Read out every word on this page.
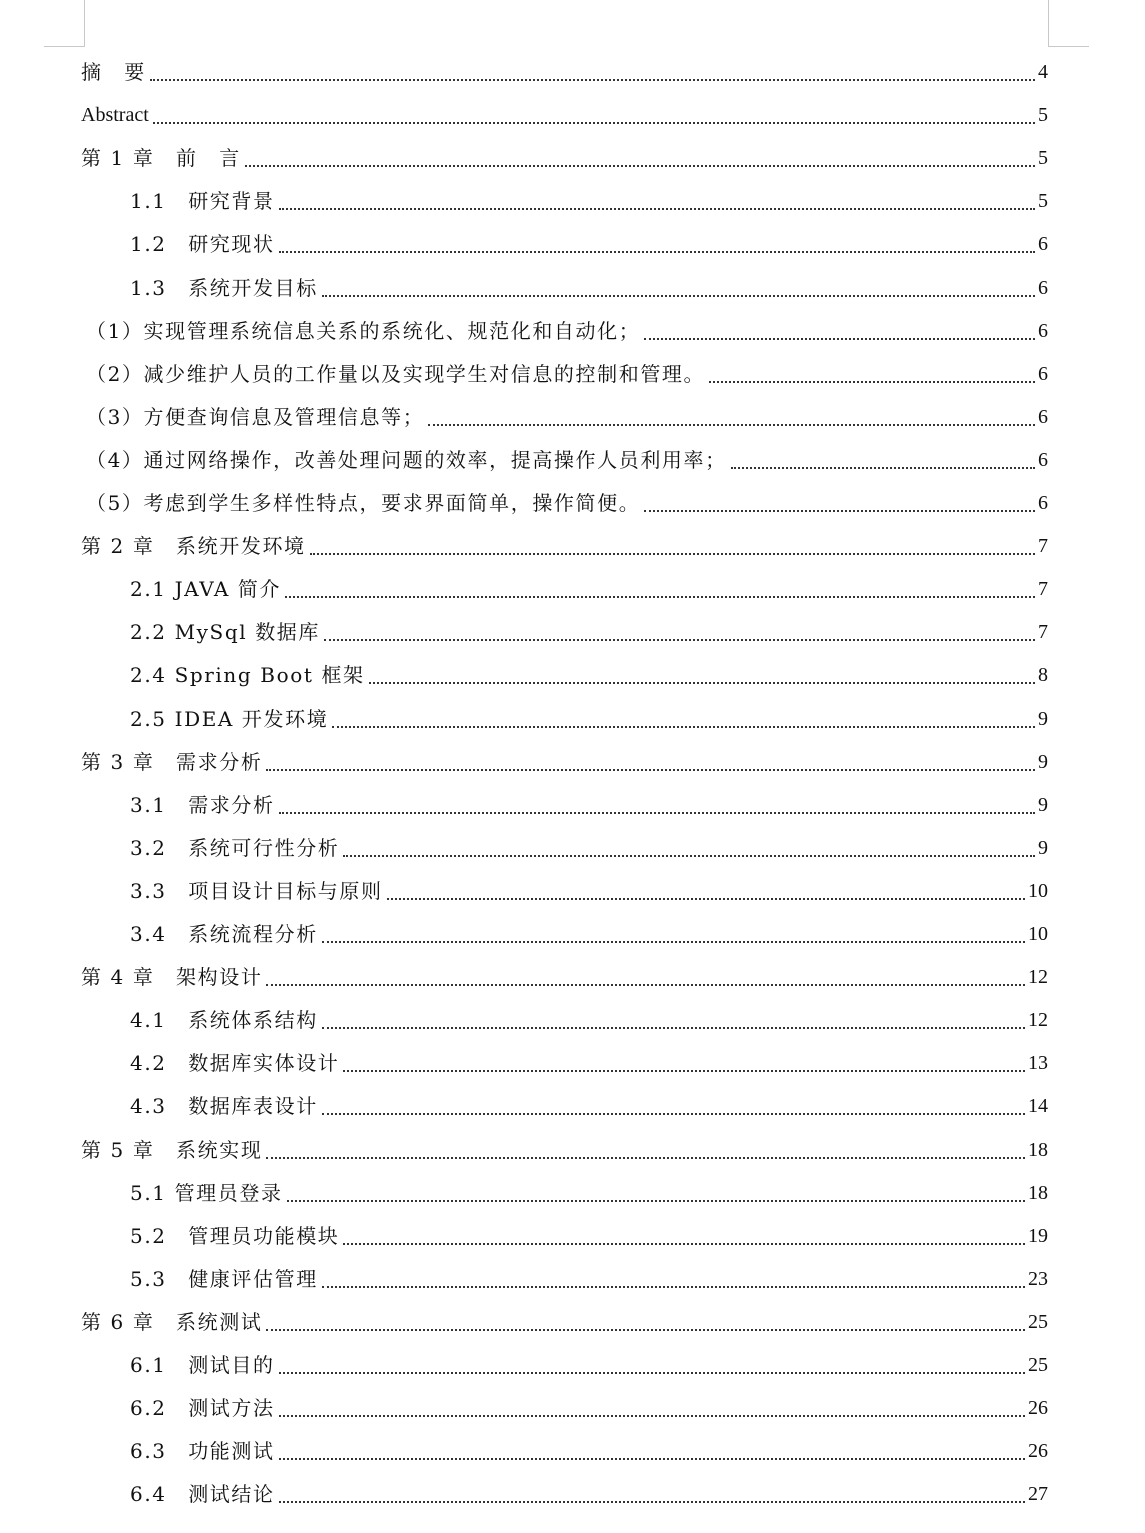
摘　要	4
Abstract	5
第 1 章　前　言	5
1.1　研究背景	5
1.2　研究现状	6
1.3　系统开发目标	6
（1）实现管理系统信息关系的系统化、规范化和自动化；	6
（2）减少维护人员的工作量以及实现学生对信息的控制和管理。	6
（3）方便查询信息及管理信息等；	6
（4）通过网络操作，改善处理问题的效率，提高操作人员利用率；	6
（5）考虑到学生多样性特点，要求界面简单，操作简便。	6
第 2 章　系统开发环境	7
2.1 JAVA 简介	7
2.2 MySql 数据库	7
2.4 Spring Boot 框架	8
2.5 IDEA 开发环境	9
第 3 章　需求分析	9
3.1　需求分析	9
3.2　系统可行性分析	9
3.3　项目设计目标与原则	10
3.4　系统流程分析	10
第 4 章　架构设计	12
4.1　系统体系结构	12
4.2　数据库实体设计	13
4.3　数据库表设计	14
第 5 章　系统实现	18
5.1 管理员登录	18
5.2　管理员功能模块	19
5.3　健康评估管理	23
第 6 章　系统测试	25
6.1　测试目的	25
6.2　测试方法	26
6.3　功能测试	26
6.4　测试结论	27
